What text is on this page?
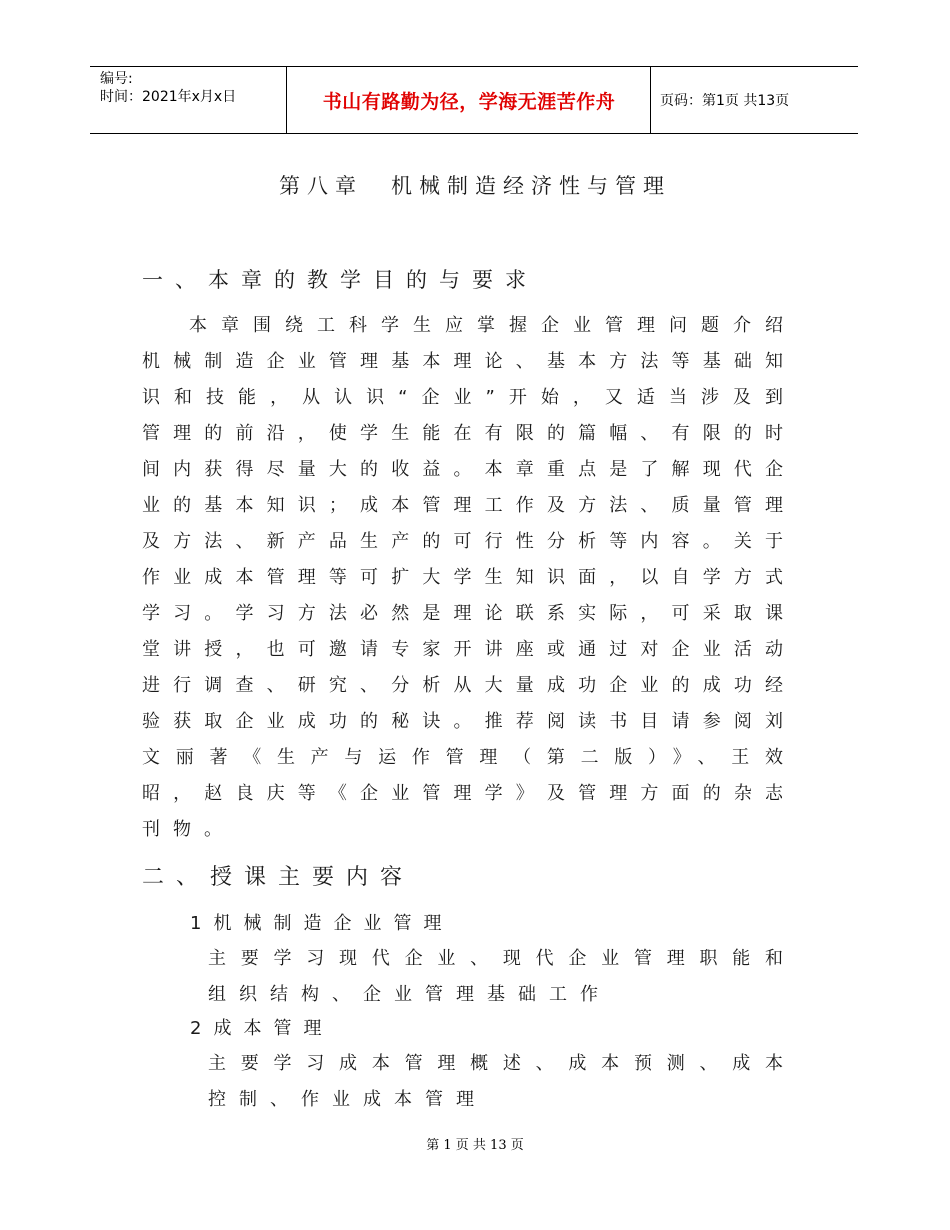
编号:
时间：2021年x月x日	书山有路勤为径，学海无涯苦作舟	页码：第1页 共13页
第八章　机械制造经济性与管理
一、本章的教学目的与要求
本章围绕工科学生应掌握企业管理问题介绍机械制造企业管理基本理论、基本方法等基础知识和技能，从认识“企业”开始，又适当涉及到管理的前沿，使学生能在有限的篇幅、有限的时间内获得尽量大的收益。本章重点是了解现代企业的基本知识；成本管理工作及方法、质量管理及方法、新产品生产的可行性分析等内容。关于作业成本管理等可扩大学生知识面，以自学方式学习。学习方法必然是理论联系实际，可采取课堂讲授，也可邀请专家开讲座或通过对企业活动进行调查、研究、分析从大量成功企业的成功经验获取企业成功的秘诀。推荐阅读书目请参阅刘文丽著《生产与运作管理（第二版）》、王效昭，赵良庆等《企业管理学》及管理方面的杂志刊物。
二、授课主要内容
1机械制造企业管理
主要学习现代企业、现代企业管理职能和组织结构、企业管理基础工作
2成本管理
主要学习成本管理概述、成本预测、成本控制、作业成本管理
第 1 页 共 13 页
